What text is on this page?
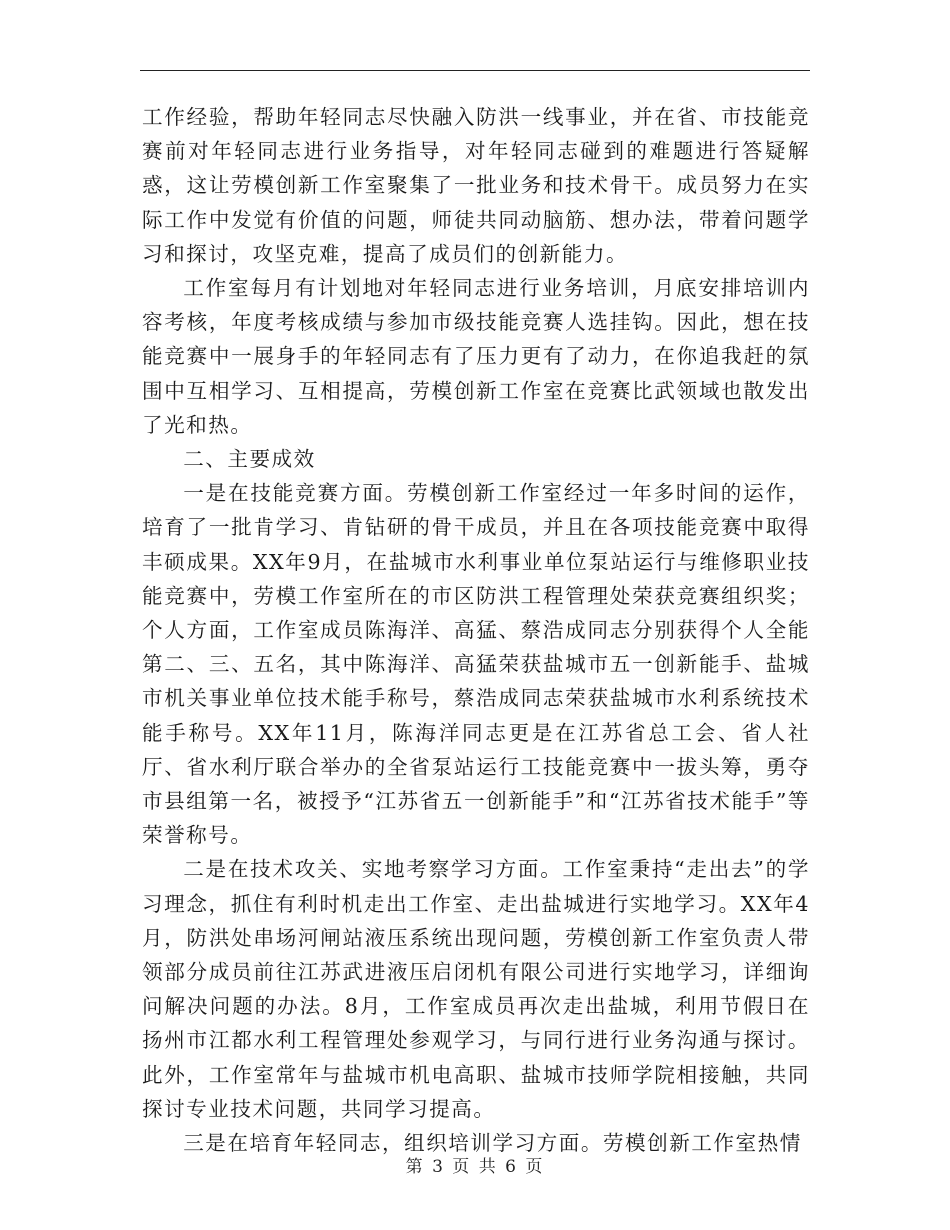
工作经验，帮助年轻同志尽快融入防洪一线事业，并在省、市技能竞赛前对年轻同志进行业务指导，对年轻同志碰到的难题进行答疑解惑，这让劳模创新工作室聚集了一批业务和技术骨干。成员努力在实际工作中发觉有价值的问题，师徒共同动脑筋、想办法，带着问题学习和探讨，攻坚克难，提高了成员们的创新能力。

工作室每月有计划地对年轻同志进行业务培训，月底安排培训内容考核，年度考核成绩与参加市级技能竞赛人选挂钩。因此，想在技能竞赛中一展身手的年轻同志有了压力更有了动力，在你追我赶的氛围中互相学习、互相提高，劳模创新工作室在竞赛比武领域也散发出了光和热。

二、主要成效

一是在技能竞赛方面。劳模创新工作室经过一年多时间的运作，培育了一批肯学习、肯钻研的骨干成员，并且在各项技能竞赛中取得丰硕成果。XX年9月，在盐城市水利事业单位泵站运行与维修职业技能竞赛中，劳模工作室所在的市区防洪工程管理处荣获竞赛组织奖；个人方面，工作室成员陈海洋、高猛、蔡浩成同志分别获得个人全能第二、三、五名，其中陈海洋、高猛荣获盐城市五一创新能手、盐城市机关事业单位技术能手称号，蔡浩成同志荣获盐城市水利系统技术能手称号。XX年11月，陈海洋同志更是在江苏省总工会、省人社厅、省水利厅联合举办的全省泵站运行工技能竞赛中一拔头筹，勇夺市县组第一名，被授予“江苏省五一创新能手”和“江苏省技术能手”等荣誉称号。

二是在技术攻关、实地考察学习方面。工作室秉持“走出去”的学习理念，抓住有利时机走出工作室、走出盐城进行实地学习。XX年4月，防洪处串场河闸站液压系统出现问题，劳模创新工作室负责人带领部分成员前往江苏武进液压启闭机有限公司进行实地学习，详细询问解决问题的办法。8月，工作室成员再次走出盐城，利用节假日在扬州市江都水利工程管理处参观学习，与同行进行业务沟通与探讨。此外，工作室常年与盐城市机电高职、盐城市技师学院相接触，共同探讨专业技术问题，共同学习提高。

三是在培育年轻同志，组织培训学习方面。劳模创新工作室热情

第 3 页 共 6 页
